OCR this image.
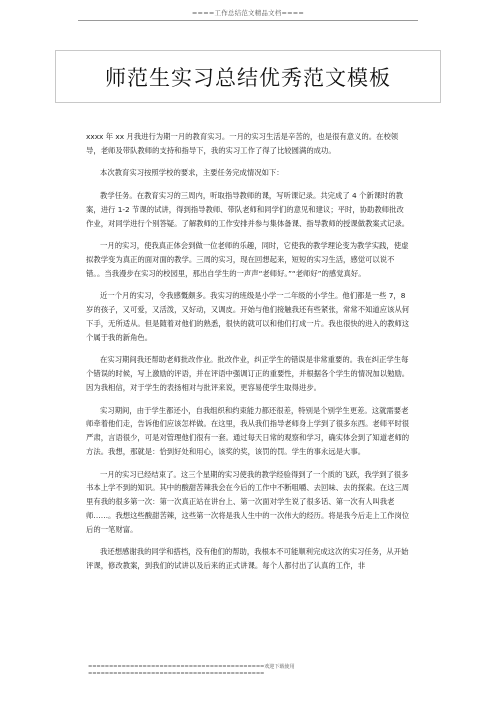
====工作总结范文精品文档====
师范生实习总结优秀范文模板

xxxx 年 xx 月我进行为期一月的教育实习。一月的实习生活是辛苦的，也是很有意义的。在校领导，老师及带队教师的支持和指导下，我的实习工作了得了比较圆满的成功。

本次教育实习按照学校的要求，主要任务完成情况如下：

教学任务。在教育实习的三周内，听取指导教师的课，写听课记录。共完成了 4 个新课时的教案，进行 1-2 节课的试讲，得到指导教师、带队老师和同学们的意见和建议；平时，协助教师批改作业，对同学进行个别答疑。了解教师的工作安排并参与集体备课、指导教师的授课做教案式记录。

一月的实习，使我真正体会到做一位老师的乐趣，同时，它使我的教学理论变为教学实践，使虚拟教学变为真正的面对面的教学。三周的实习，现在回想起来，短短的实习生活，感觉可以说不错。。当我漫步在实习的校园里，那出自学生的一声声“老师好。”“老师好”的感觉真好。

近一个月的实习，令我感慨颇多。我实习的班级是小学一二年级的小学生。他们都是一些 7，8 岁的孩子，又可爱，又活泼，又好动，又调皮。开始与他们接触我还有些紧张，常常不知道应该从何下手，无所适从。但是随着对他们的熟悉，很快的就可以和他们打成一片。我也很快的进入的教师这个属于我的新角色。

在实习期间我还帮助老师批改作业。批改作业，纠正学生的错误是非常重要的。我在纠正学生每个错误的时候，写上激励的评语，并在评语中强调订正的重要性，并根据各个学生的情况加以勉励。因为我相信，对于学生的表扬相对与批评来说，更容易使学生取得进步。

实习期间，由于学生都还小，自我组织和约束能力都还很差，特别是个别学生更差。这就需要老师牵着他们走，告诉他们应该怎样做。在这里，我从我们指导老师身上学到了很多东西。老师平时很严肃，言语很少，可是对管理他们很有一套。通过每天日常的观察和学习，确实体会到了知道老师的方法。我想，那就是：恰到好处和用心，该奖的奖，该罚的罚。学生的事永远是大事。

一月的实习已经结束了。这三个星期的实习使我的教学经验得到了一个质的飞跃，我学到了很多书本上学不到的知识。其中的酸甜苦辣我会在今后的工作中不断咀嚼、去回味、去的探索。在这三周里有我的很多第一次：第一次真正站在讲台上、第一次面对学生说了很多话、第一次有人叫我老师……。我想这些酸甜苦辣，这些第一次将是我人生中的一次伟大的经历。将是我今后走上工作岗位后的一笔财富。

我还想感谢我的同学和搭档，没有他们的帮助，我根本不可能顺利完成这次的实习任务，从开始评课，修改教案，到我们的试讲以及后来的正式讲课。每个人都付出了认真的工作，非

==========================================欢迎下载使用
==========================================
